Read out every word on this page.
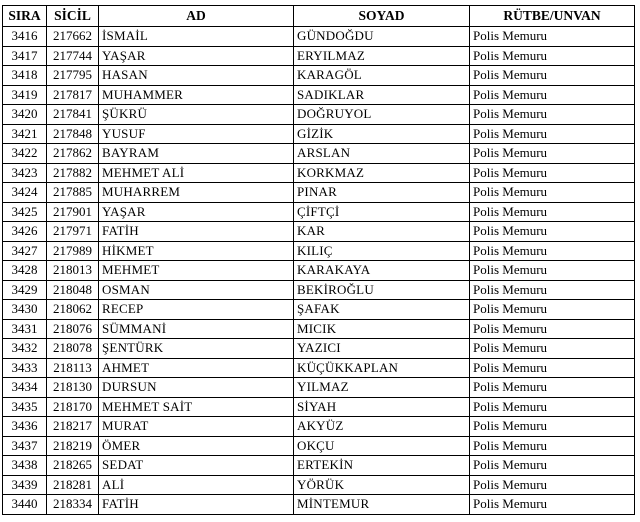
SIRA	SİCİL	AD	SOYAD	RÜTBE/UNVAN
3416	217662	İSMAİL	GÜNDOĞDU	Polis Memuru
3417	217744	YAŞAR	ERYILMAZ	Polis Memuru
3418	217795	HASAN	KARAGÖL	Polis Memuru
3419	217817	MUHAMMER	SADIKLAR	Polis Memuru
3420	217841	ŞÜKRÜ	DOĞRUYOL	Polis Memuru
3421	217848	YUSUF	GİZİK	Polis Memuru
3422	217862	BAYRAM	ARSLAN	Polis Memuru
3423	217882	MEHMET ALİ	KORKMAZ	Polis Memuru
3424	217885	MUHARREM	PINAR	Polis Memuru
3425	217901	YAŞAR	ÇİFTÇİ	Polis Memuru
3426	217971	FATİH	KAR	Polis Memuru
3427	217989	HİKMET	KILIÇ	Polis Memuru
3428	218013	MEHMET	KARAKAYA	Polis Memuru
3429	218048	OSMAN	BEKİROĞLU	Polis Memuru
3430	218062	RECEP	ŞAFAK	Polis Memuru
3431	218076	SÜMMANİ	MICIK	Polis Memuru
3432	218078	ŞENTÜRK	YAZICI	Polis Memuru
3433	218113	AHMET	KÜÇÜKKAPLAN	Polis Memuru
3434	218130	DURSUN	YILMAZ	Polis Memuru
3435	218170	MEHMET SAİT	SİYAH	Polis Memuru
3436	218217	MURAT	AKYÜZ	Polis Memuru
3437	218219	ÖMER	OKÇU	Polis Memuru
3438	218265	SEDAT	ERTEKİN	Polis Memuru
3439	218281	ALİ	YÖRÜK	Polis Memuru
3440	218334	FATİH	MİNTEMUR	Polis Memuru
